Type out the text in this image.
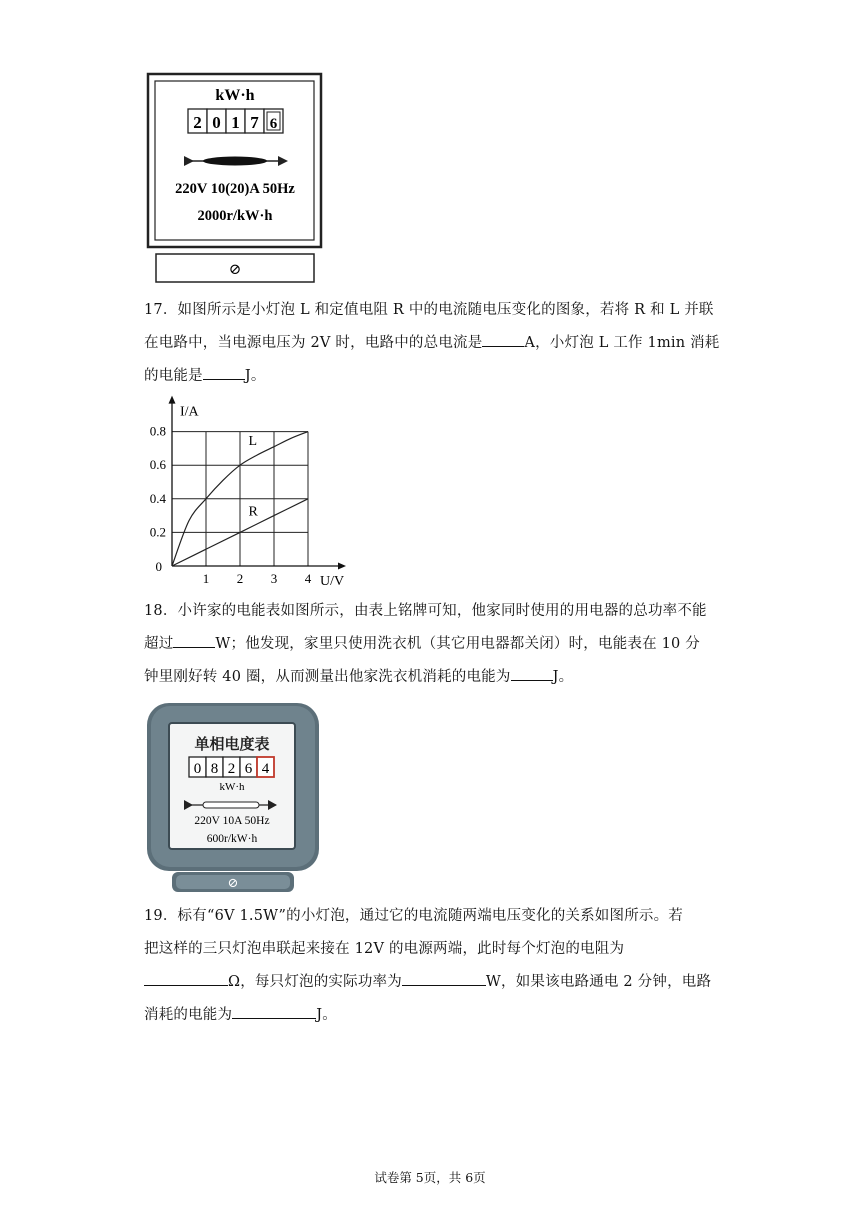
kW·h
2 0 1 7 6
220V 10(20)A 50Hz
2000r/kW·h
⊘

17．如图所示是小灯泡 L 和定值电阻 R 中的电流随电压变化的图象，若将 R 和 L 并联

在电路中，当电源电压为 2V 时，电路中的总电流是	A，小灯泡 L 工作 1min 消耗

的电能是	J。

L
R
1 2 3 4
0.2
0.4
0.6
0.8
0
U/V
I/A

18．小许家的电能表如图所示，由表上铭牌可知，他家同时使用的用电器的总功率不能

超过	W；他发现，家里只使用洗衣机（其它用电器都关闭）时，电能表在 10 分

钟里刚好转 40 圈，从而测量出他家洗衣机消耗的电能为	J。

单相电度表
0 8 2 6 4
kW·h
220V 10A 50Hz
600r/kW·h
⊘

19．标有“6V 1.5W”的小灯泡，通过它的电流随两端电压变化的关系如图所示。若

把这样的三只灯泡串联起来接在 12V 的电源两端，此时每个灯泡的电阻为

Ω，每只灯泡的实际功率为	W，如果该电路通电 2 分钟，电路

消耗的电能为	J。

试卷第 5页，共 6页
